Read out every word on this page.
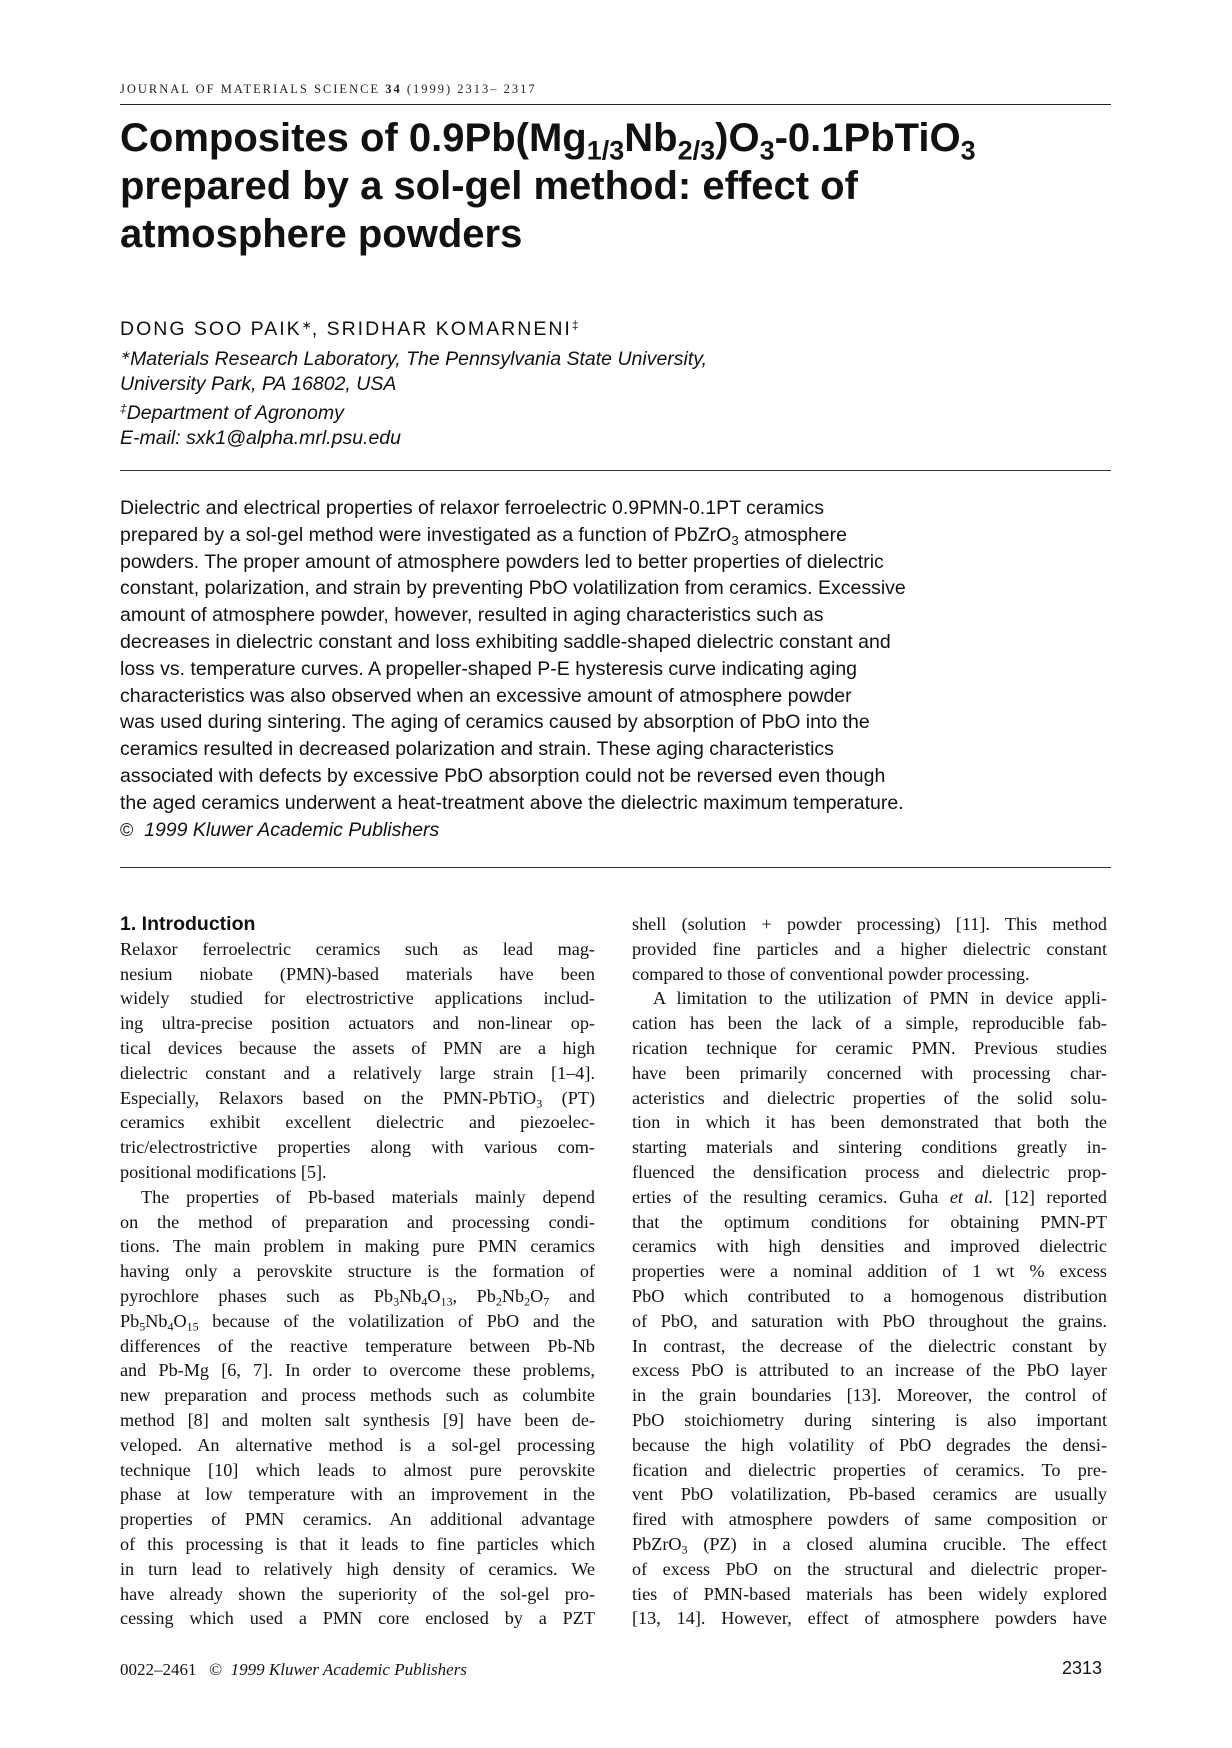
JOURNAL OF MATERIALS SCIENCE 34 (1999) 2313– 2317
Composites of $0.9Pb(Mg_{1/3}Nb_{2/3})O_3-0.1PbTiO_3$
prepared by a sol-gel method: effect of
atmosphere powders
DONG SOO PAIK∗, SRIDHAR KOMARNENI‡
∗Materials Research Laboratory, The Pennsylvania State University,
University Park, PA 16802, USA
‡Department of Agronomy
E-mail: sxk1@alpha.mrl.psu.edu
Dielectric and electrical properties of relaxor ferroelectric 0.9PMN-0.1PT ceramics
prepared by a sol-gel method were investigated as a function of PbZrO$_3$ atmosphere
powders. The proper amount of atmosphere powders led to better properties of dielectric
constant, polarization, and strain by preventing PbO volatilization from ceramics. Excessive
amount of atmosphere powder, however, resulted in aging characteristics such as
decreases in dielectric constant and loss exhibiting saddle-shaped dielectric constant and
loss vs. temperature curves. A propeller-shaped P-E hysteresis curve indicating aging
characteristics was also observed when an excessive amount of atmosphere powder
was used during sintering. The aging of ceramics caused by absorption of PbO into the
ceramics resulted in decreased polarization and strain. These aging characteristics
associated with defects by excessive PbO absorption could not be reversed even though
the aged ceramics underwent a heat-treatment above the dielectric maximum temperature.
© 1999 Kluwer Academic Publishers
1. Introduction

Relaxor ferroelectric ceramics such as lead mag-
nesium niobate (PMN)-based materials have been
widely studied for electrostrictive applications includ-
ing ultra-precise position actuators and non-linear op-
tical devices because the assets of PMN are a high
dielectric constant and a relatively large strain [1–4].
Especially, Relaxors based on the PMN-PbTiO3 (PT)
ceramics exhibit excellent dielectric and piezoelec-
tric/electrostrictive properties along with various com-
positional modifications [5].

The properties of Pb-based materials mainly depend
on the method of preparation and processing condi-
tions. The main problem in making pure PMN ceramics
having only a perovskite structure is the formation of
pyrochlore phases such as Pb3Nb4O13, Pb2Nb2O7 and
Pb5Nb4O15 because of the volatilization of PbO and the
differences of the reactive temperature between Pb-Nb
and Pb-Mg [6, 7]. In order to overcome these problems,
new preparation and process methods such as columbite
method [8] and molten salt synthesis [9] have been de-
veloped. An alternative method is a sol-gel processing
technique [10] which leads to almost pure perovskite
phase at low temperature with an improvement in the
properties of PMN ceramics. An additional advantage
of this processing is that it leads to fine particles which
in turn lead to relatively high density of ceramics. We
have already shown the superiority of the sol-gel pro-
cessing which used a PMN core enclosed by a PZT

shell (solution + powder processing) [11]. This method
provided fine particles and a higher dielectric constant
compared to those of conventional powder processing.

A limitation to the utilization of PMN in device appli-
cation has been the lack of a simple, reproducible fab-
rication technique for ceramic PMN. Previous studies
have been primarily concerned with processing char-
acteristics and dielectric properties of the solid solu-
tion in which it has been demonstrated that both the
starting materials and sintering conditions greatly in-
fluenced the densification process and dielectric prop-
erties of the resulting ceramics. Guha et al. [12] reported
that the optimum conditions for obtaining PMN-PT
ceramics with high densities and improved dielectric
properties were a nominal addition of 1 wt % excess
PbO which contributed to a homogenous distribution
of PbO, and saturation with PbO throughout the grains.
In contrast, the decrease of the dielectric constant by
excess PbO is attributed to an increase of the PbO layer
in the grain boundaries [13]. Moreover, the control of
PbO stoichiometry during sintering is also important
because the high volatility of PbO degrades the densi-
fication and dielectric properties of ceramics. To pre-
vent PbO volatilization, Pb-based ceramics are usually
fired with atmosphere powders of same composition or
PbZrO3 (PZ) in a closed alumina crucible. The effect
of excess PbO on the structural and dielectric proper-
ties of PMN-based materials has been widely explored
[13, 14]. However, effect of atmosphere powders have

0022–2461 © 1999 Kluwer Academic Publishers	2313
